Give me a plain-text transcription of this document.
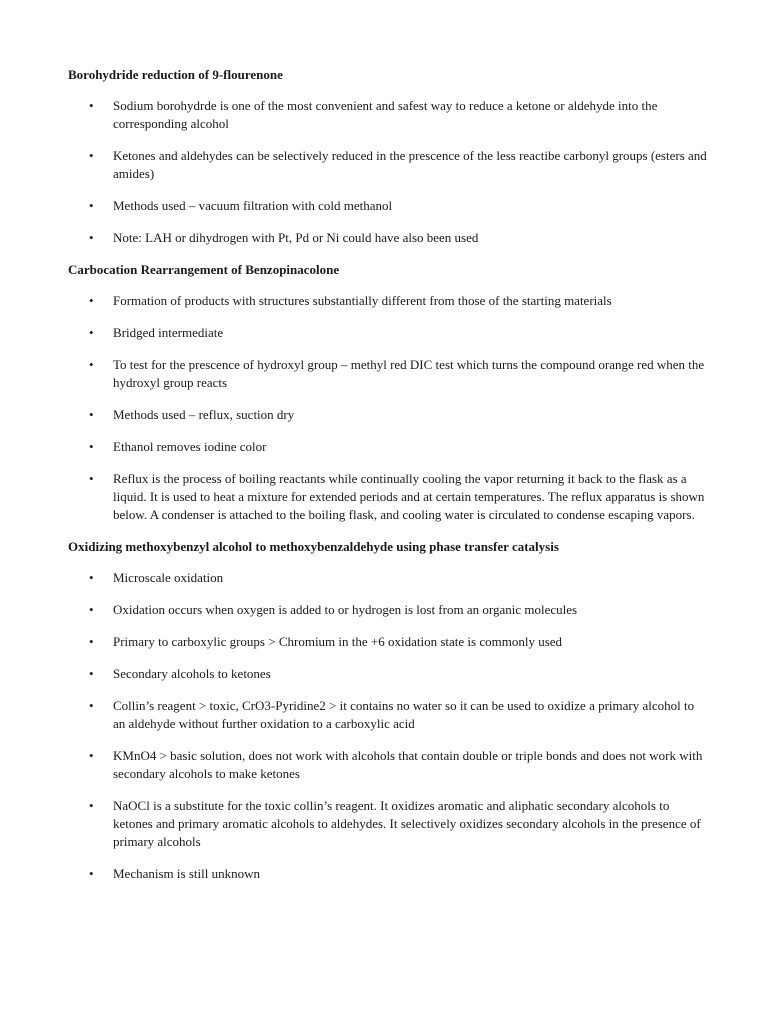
Borohydride reduction of 9-flourenone
• Sodium borohydrde is one of the most convenient and safest way to reduce a ketone or aldehyde into the corresponding alcohol
• Ketones and aldehydes can be selectively reduced in the prescence of the less reactibe carbonyl groups (esters and amides)
• Methods used – vacuum filtration with cold methanol
• Note: LAH or dihydrogen with Pt, Pd or Ni could have also been used
Carbocation Rearrangement of Benzopinacolone
• Formation of products with structures substantially different from those of the starting materials
• Bridged intermediate
• To test for the prescence of hydroxyl group – methyl red DIC test which turns the compound orange red when the hydroxyl group reacts
• Methods used – reflux, suction dry
• Ethanol removes iodine color
• Reflux is the process of boiling reactants while continually cooling the vapor returning it back to the flask as a liquid. It is used to heat a mixture for extended periods and at certain temperatures. The reflux apparatus is shown below. A condenser is attached to the boiling flask, and cooling water is circulated to condense escaping vapors.
Oxidizing methoxybenzyl alcohol to methoxybenzaldehyde using phase transfer catalysis
• Microscale oxidation
• Oxidation occurs when oxygen is added to or hydrogen is lost from an organic molecules
• Primary to carboxylic groups > Chromium in the +6 oxidation state is commonly used
• Secondary alcohols to ketones
• Collin’s reagent > toxic, CrO3-Pyridine2 > it contains no water so it can be used to oxidize a primary alcohol to an aldehyde without further oxidation to a carboxylic acid
• KMnO4 > basic solution, does not work with alcohols that contain double or triple bonds and does not work with secondary alcohols to make ketones
• NaOCl is a substitute for the toxic collin’s reagent. It oxidizes aromatic and aliphatic secondary alcohols to ketones and primary aromatic alcohols to aldehydes. It selectively oxidizes secondary alcohols in the presence of primary alcohols
• Mechanism is still unknown
